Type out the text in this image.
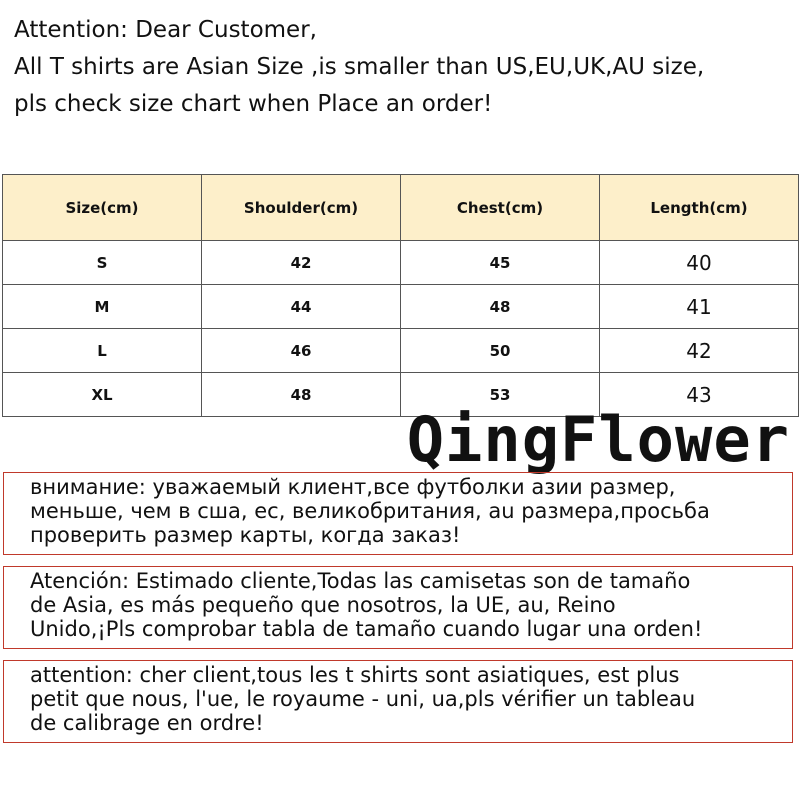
Attention: Dear Customer,
All T shirts are Asian Size ,is smaller than US,EU,UK,AU size,
pls check size chart when Place an order!
Size(cm)	Shoulder(cm)	Chest(cm)	Length(cm)
S	42	45	40
M	44	48	41
L	46	50	42
XL	48	53	43
QingFlower
внимание: уважаемый клиент,все футболки азии размер,
меньше, чем в сша, ес, великобритания, au размера,просьба
проверить размер карты, когда заказ!
Atención: Estimado cliente,Todas las camisetas son de tamaño
de Asia, es más pequeño que nosotros, la UE, au, Reino
Unido,¡Pls comprobar tabla de tamaño cuando lugar una orden!
attention: cher client,tous les t shirts sont asiatiques, est plus
petit que nous, l'ue, le royaume - uni, ua,pls vérifier un tableau
de calibrage en ordre!
